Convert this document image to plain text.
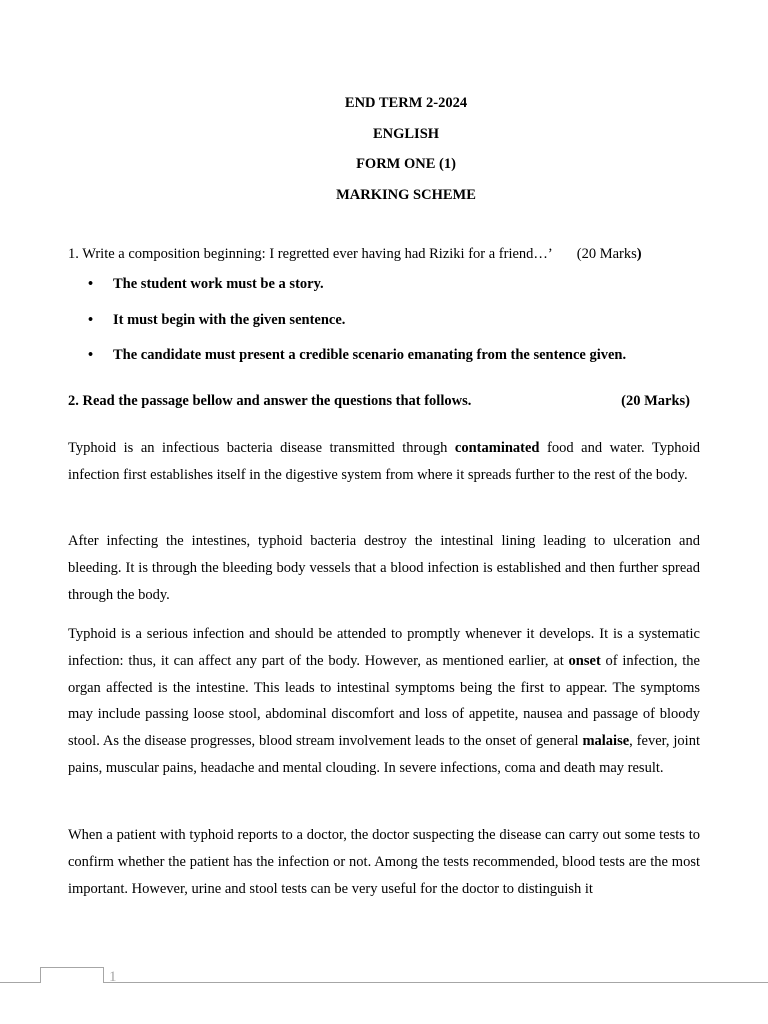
END TERM 2-2024
ENGLISH
FORM ONE (1)
MARKING SCHEME
1. Write a composition beginning: I regretted ever having had Riziki for a friend…’ (20 Marks)
• The student work must be a story.
• It must begin with the given sentence.
• The candidate must present a credible scenario emanating from the sentence given.
2. Read the passage bellow and answer the questions that follows.	(20 Marks)

Typhoid is an infectious bacteria disease transmitted through contaminated food and water. Typhoid infection first establishes itself in the digestive system from where it spreads further to the rest of the body.

After infecting the intestines, typhoid bacteria destroy the intestinal lining leading to ulceration and bleeding. It is through the bleeding body vessels that a blood infection is established and then further spread through the body.

Typhoid is a serious infection and should be attended to promptly whenever it develops. It is a systematic infection: thus, it can affect any part of the body. However, as mentioned earlier, at onset of infection, the organ affected is the intestine. This leads to intestinal symptoms being the first to appear. The symptoms may include passing loose stool, abdominal discomfort and loss of appetite, nausea and passage of bloody stool. As the disease progresses, blood stream involvement leads to the onset of general malaise, fever, joint pains, muscular pains, headache and mental clouding. In severe infections, coma and death may result.

When a patient with typhoid reports to a doctor, the doctor suspecting the disease can carry out some tests to confirm whether the patient has the infection or not. Among the tests recommended, blood tests are the most important. However, urine and stool tests can be very useful for the doctor to distinguish it

1
